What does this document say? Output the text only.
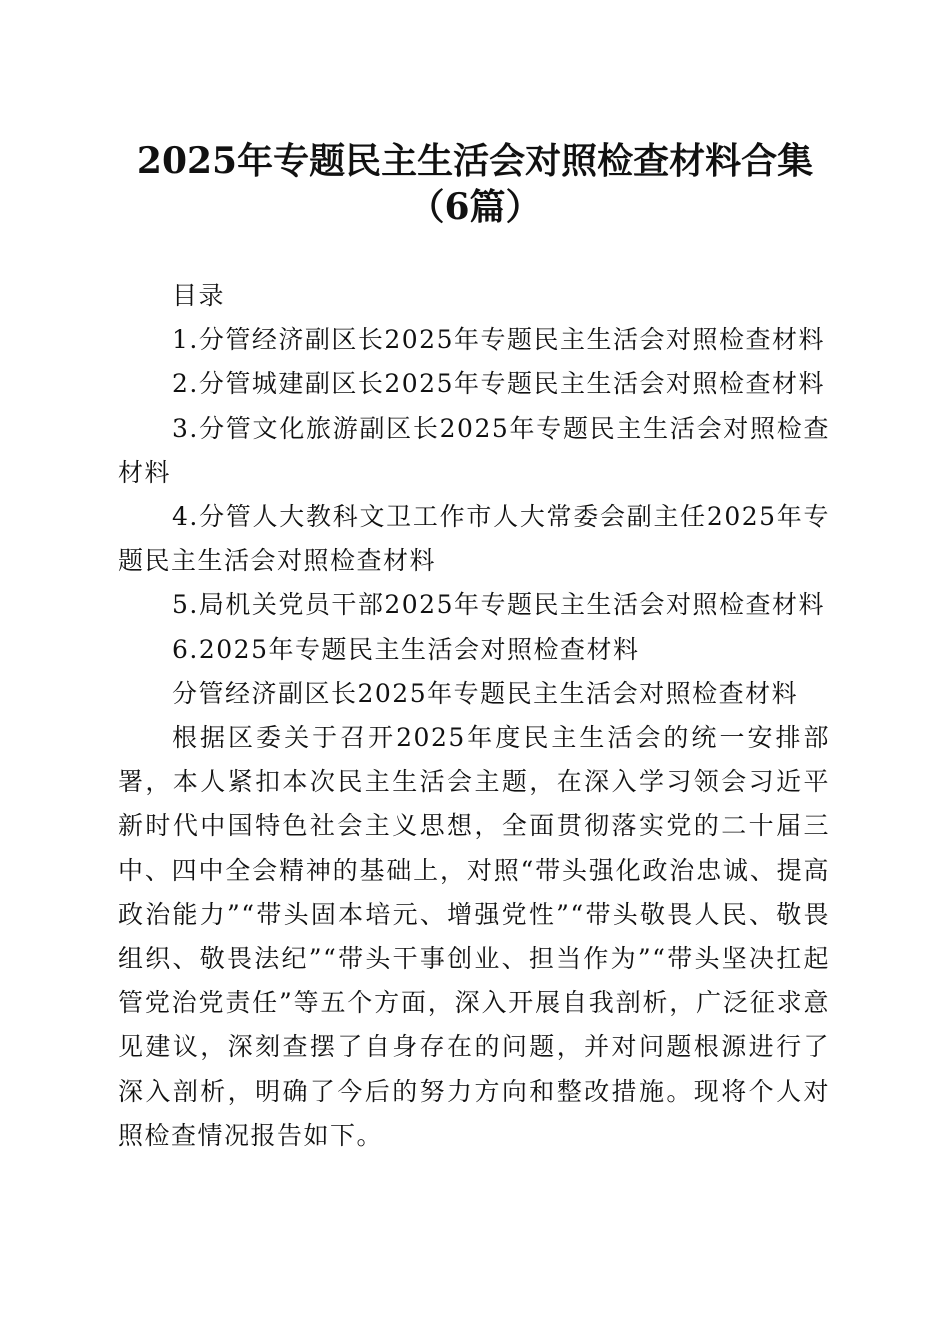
2025年专题民主生活会对照检查材料合集（6篇）

目录

1.分管经济副区长2025年专题民主生活会对照检查材料

2.分管城建副区长2025年专题民主生活会对照检查材料

3.分管文化旅游副区长2025年专题民主生活会对照检查材料

4.分管人大教科文卫工作市人大常委会副主任2025年专题民主生活会对照检查材料

5.局机关党员干部2025年专题民主生活会对照检查材料

6.2025年专题民主生活会对照检查材料

分管经济副区长2025年专题民主生活会对照检查材料

根据区委关于召开2025年度民主生活会的统一安排部署，本人紧扣本次民主生活会主题，在深入学习领会习近平新时代中国特色社会主义思想，全面贯彻落实党的二十届三中、四中全会精神的基础上，对照“带头强化政治忠诚、提高政治能力”“带头固本培元、增强党性”“带头敬畏人民、敬畏组织、敬畏法纪”“带头干事创业、担当作为”“带头坚决扛起管党治党责任”等五个方面，深入开展自我剖析，广泛征求意见建议，深刻查摆了自身存在的问题，并对问题根源进行了深入剖析，明确了今后的努力方向和整改措施。现将个人对照检查情况报告如下。
